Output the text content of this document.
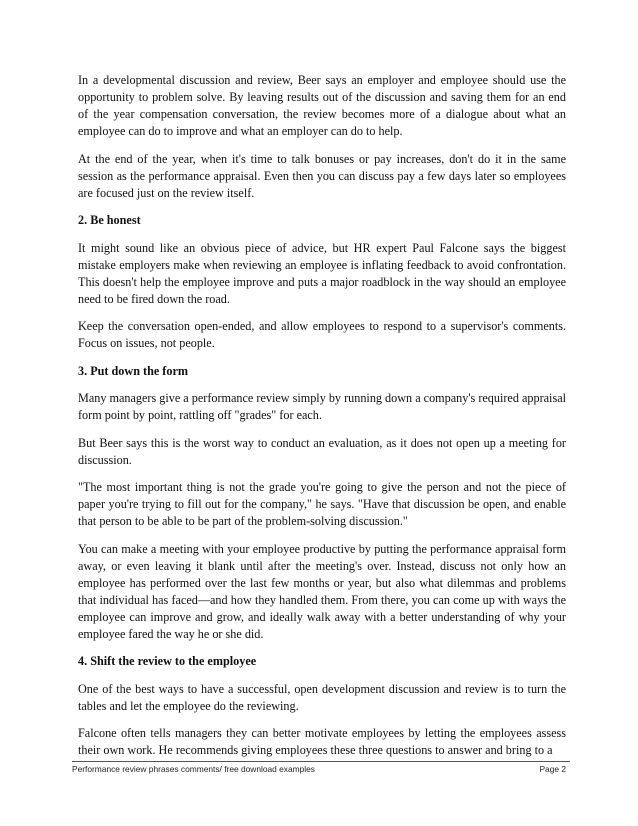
In a developmental discussion and review, Beer says an employer and employee should use the opportunity to problem solve. By leaving results out of the discussion and saving them for an end of the year compensation conversation, the review becomes more of a dialogue about what an employee can do to improve and what an employer can do to help.

At the end of the year, when it's time to talk bonuses or pay increases, don't do it in the same session as the performance appraisal. Even then you can discuss pay a few days later so employees are focused just on the review itself.

2. Be honest

It might sound like an obvious piece of advice, but HR expert Paul Falcone says the biggest mistake employers make when reviewing an employee is inflating feedback to avoid confrontation. This doesn't help the employee improve and puts a major roadblock in the way should an employee need to be fired down the road.

Keep the conversation open-ended, and allow employees to respond to a supervisor's comments. Focus on issues, not people.

3. Put down the form

Many managers give a performance review simply by running down a company's required appraisal form point by point, rattling off "grades" for each.

But Beer says this is the worst way to conduct an evaluation, as it does not open up a meeting for discussion.

"The most important thing is not the grade you're going to give the person and not the piece of paper you're trying to fill out for the company," he says. "Have that discussion be open, and enable that person to be able to be part of the problem-solving discussion."

You can make a meeting with your employee productive by putting the performance appraisal form away, or even leaving it blank until after the meeting's over. Instead, discuss not only how an employee has performed over the last few months or year, but also what dilemmas and problems that individual has faced—and how they handled them. From there, you can come up with ways the employee can improve and grow, and ideally walk away with a better understanding of why your employee fared the way he or she did.

4. Shift the review to the employee

One of the best ways to have a successful, open development discussion and review is to turn the tables and let the employee do the reviewing.

Falcone often tells managers they can better motivate employees by letting the employees assess their own work. He recommends giving employees these three questions to answer and bring to a

Performance review phrases comments/ free download examples	Page 2
